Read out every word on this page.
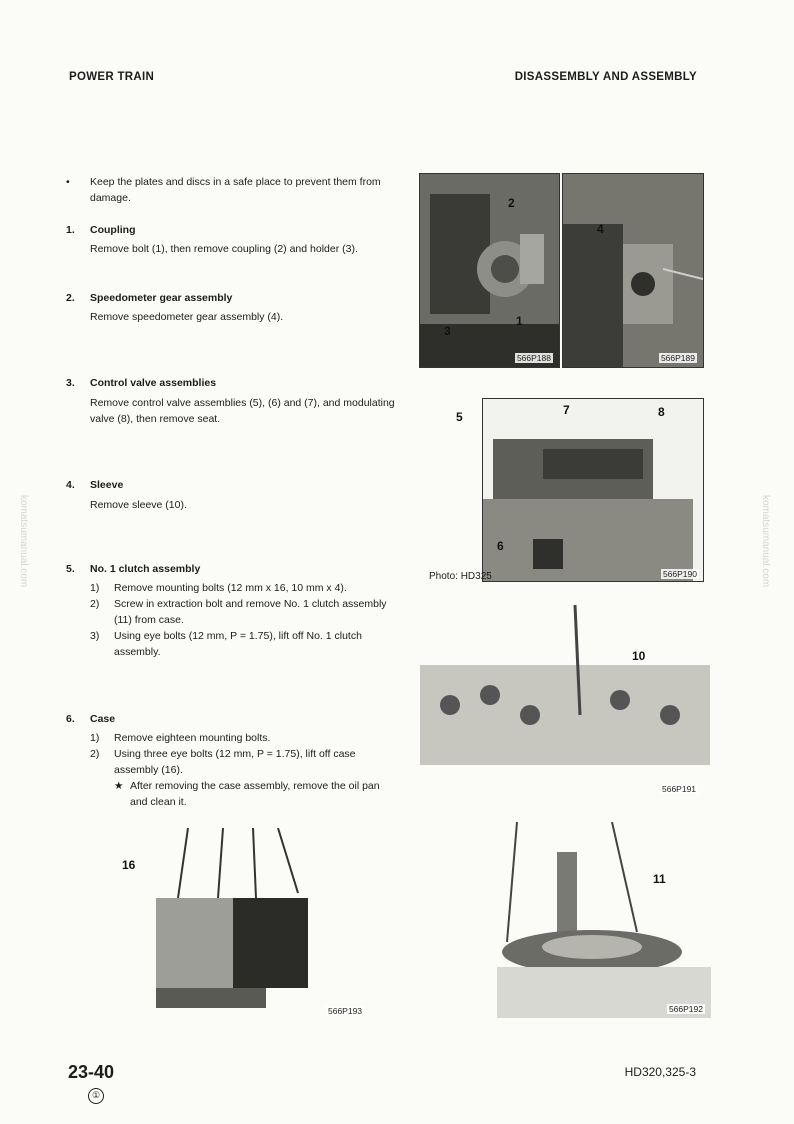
POWER TRAIN	DISASSEMBLY AND ASSEMBLY
komatsumanual.com	komatsumanual.com
•	Keep the plates and discs in a safe place to prevent them from damage.
1. Coupling
Remove bolt (1), then remove coupling (2) and holder (3).
2. Speedometer gear assembly
Remove speedometer gear assembly (4).
3. Control valve assemblies
Remove control valve assemblies (5), (6) and (7), and modulating valve (8), then remove seat.
4. Sleeve
Remove sleeve (10).
5. No. 1 clutch assembly
1)	Remove mounting bolts (12 mm x 16, 10 mm x 4).
2)	Screw in extraction bolt and remove No. 1 clutch assembly (11) from case.
3)	Using eye bolts (12 mm, P = 1.75), lift off No. 1 clutch assembly.
6. Case
1)	Remove eighteen mounting bolts.
2)	Using three eye bolts (12 mm, P = 1.75), lift off case assembly (16).
★ After removing the case assembly, remove the oil pan and clean it.
2
1
3
566P188
4
566P189
7	8
6
566P190
5
Photo: HD325
10
566P191
16
566P193
11
566P192
23-40	HD320,325-3
①
